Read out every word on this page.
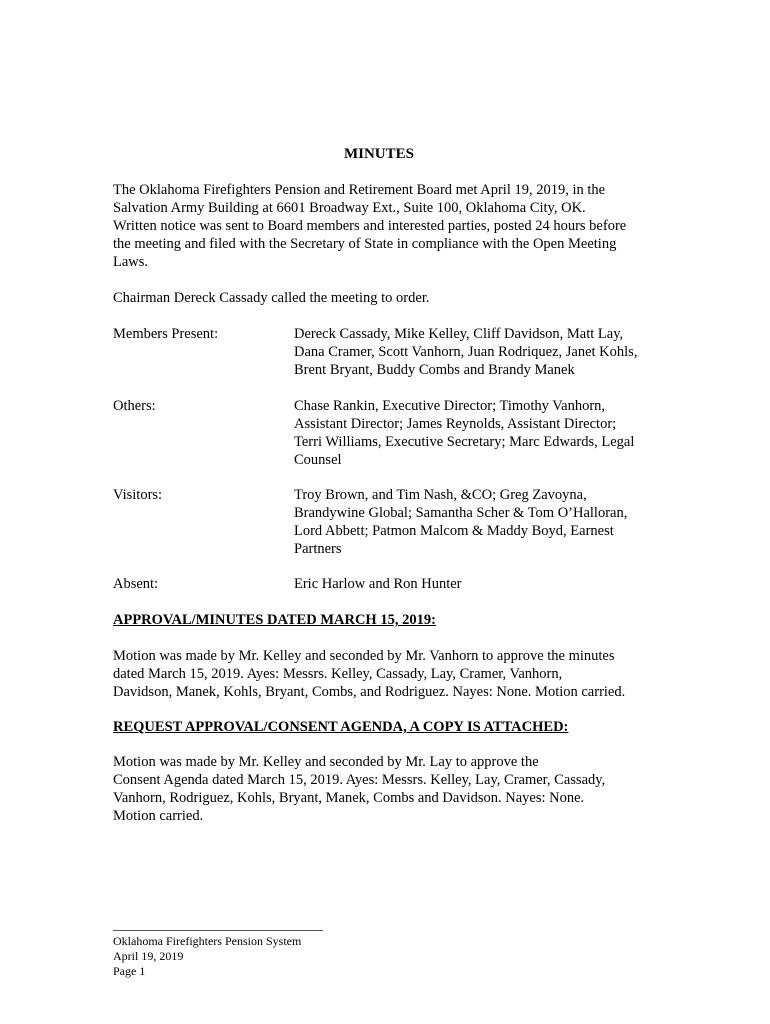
MINUTES

The Oklahoma Firefighters Pension and Retirement Board met April 19, 2019, in the
Salvation Army Building at 6601 Broadway Ext., Suite 100, Oklahoma City, OK.
Written notice was sent to Board members and interested parties, posted 24 hours before
the meeting and filed with the Secretary of State in compliance with the Open Meeting
Laws.

Chairman Dereck Cassady called the meeting to order.

Members Present:	Dereck Cassady, Mike Kelley, Cliff Davidson, Matt Lay,
Dana Cramer, Scott Vanhorn, Juan Rodriquez, Janet Kohls,
Brent Bryant, Buddy Combs and Brandy Manek
Others:	Chase Rankin, Executive Director; Timothy Vanhorn,
Assistant Director; James Reynolds, Assistant Director;
Terri Williams, Executive Secretary; Marc Edwards, Legal
Counsel
Visitors:	Troy Brown, and Tim Nash, &CO; Greg Zavoyna,
Brandywine Global; Samantha Scher & Tom O’Halloran,
Lord Abbett; Patmon Malcom & Maddy Boyd, Earnest
Partners
Absent:	Eric Harlow and Ron Hunter
APPROVAL/MINUTES DATED MARCH 15, 2019:

Motion was made by Mr. Kelley and seconded by Mr. Vanhorn to approve the minutes
dated March 15, 2019. Ayes: Messrs. Kelley, Cassady, Lay, Cramer, Vanhorn,
Davidson, Manek, Kohls, Bryant, Combs, and Rodriguez. Nayes: None. Motion carried.

REQUEST APPROVAL/CONSENT AGENDA, A COPY IS ATTACHED:

Motion was made by Mr. Kelley and seconded by Mr. Lay to approve the
Consent Agenda dated March 15, 2019. Ayes: Messrs. Kelley, Lay, Cramer, Cassady,
Vanhorn, Rodriguez, Kohls, Bryant, Manek, Combs and Davidson. Nayes: None.
Motion carried.

Oklahoma Firefighters Pension System
April 19, 2019
Page 1
